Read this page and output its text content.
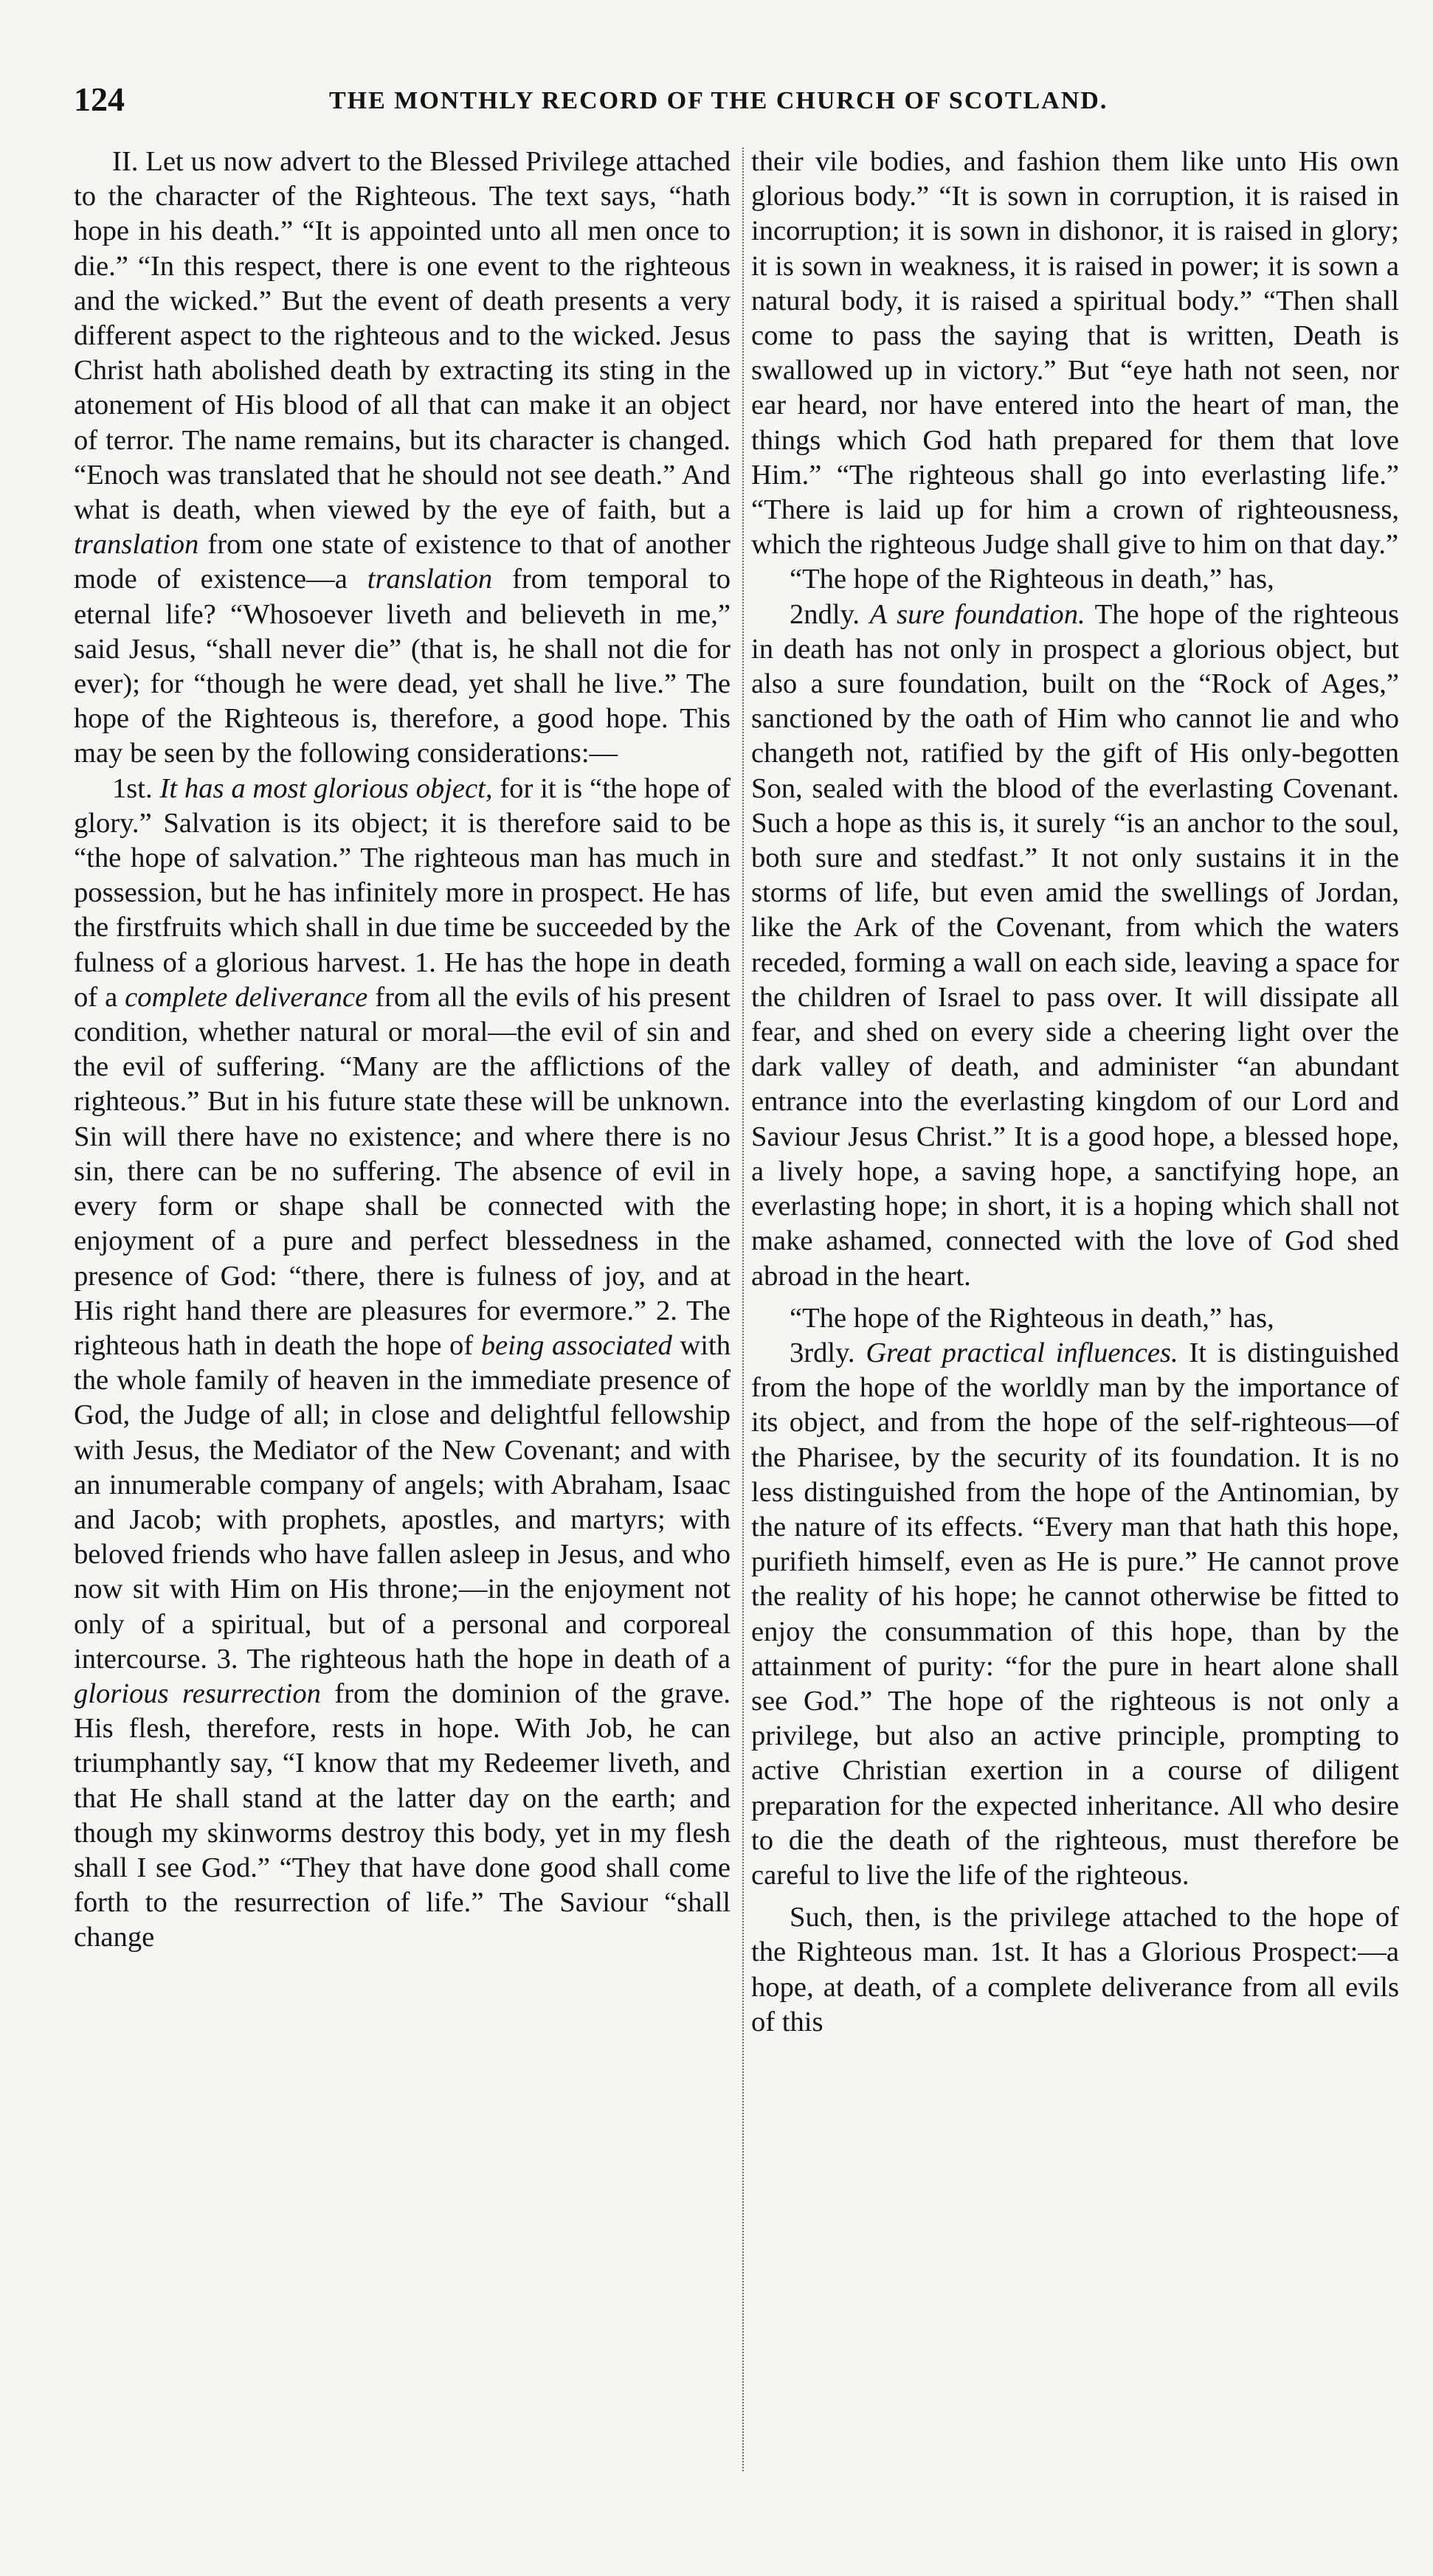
124	THE MONTHLY RECORD OF THE CHURCH OF SCOTLAND.

II. Let us now advert to the Blessed Privilege attached to the character of the Righteous. The text says, “hath hope in his death.” “It is appointed unto all men once to die.” “In this respect, there is one event to the righteous and the wicked.” But the event of death presents a very different aspect to the righteous and to the wicked. Jesus Christ hath abolished death by extracting its sting in the atonement of His blood of all that can make it an object of terror. The name remains, but its character is changed. “Enoch was translated that he should not see death.” And what is death, when viewed by the eye of faith, but a translation from one state of existence to that of another mode of existence—a translation from temporal to eternal life? “Whosoever liveth and believeth in me,” said Jesus, “shall never die” (that is, he shall not die for ever); for “though he were dead, yet shall he live.” The hope of the Righteous is, therefore, a good hope. This may be seen by the following considerations:—

1st. It has a most glorious object, for it is “the hope of glory.” Salvation is its object; it is therefore said to be “the hope of salvation.” The righteous man has much in possession, but he has infinitely more in prospect. He has the firstfruits which shall in due time be succeeded by the fulness of a glorious harvest. 1. He has the hope in death of a complete deliverance from all the evils of his present condition, whether natural or moral—the evil of sin and the evil of suffering. “Many are the afflictions of the righteous.” But in his future state these will be unknown. Sin will there have no existence; and where there is no sin, there can be no suffering. The absence of evil in every form or shape shall be connected with the enjoyment of a pure and perfect blessedness in the presence of God: “there, there is fulness of joy, and at His right hand there are pleasures for evermore.” 2. The righteous hath in death the hope of being associated with the whole family of heaven in the immediate presence of God, the Judge of all; in close and delightful fellowship with Jesus, the Mediator of the New Covenant; and with an innumerable company of angels; with Abraham, Isaac and Jacob; with prophets, apostles, and martyrs; with beloved friends who have fallen asleep in Jesus, and who now sit with Him on His throne;—in the enjoyment not only of a spiritual, but of a personal and corporeal intercourse. 3. The righteous hath the hope in death of a glorious resurrection from the dominion of the grave. His flesh, therefore, rests in hope. With Job, he can triumphantly say, “I know that my Redeemer liveth, and that He shall stand at the latter day on the earth; and though my skinworms destroy this body, yet in my flesh shall I see God.” “They that have done good shall come forth to the resurrection of life.” The Saviour “shall change

their vile bodies, and fashion them like unto His own glorious body.” “It is sown in corruption, it is raised in incorruption; it is sown in dishonor, it is raised in glory; it is sown in weakness, it is raised in power; it is sown a natural body, it is raised a spiritual body.” “Then shall come to pass the saying that is written, Death is swallowed up in victory.” But “eye hath not seen, nor ear heard, nor have entered into the heart of man, the things which God hath prepared for them that love Him.” “The righteous shall go into everlasting life.” “There is laid up for him a crown of righteousness, which the righteous Judge shall give to him on that day.”

“The hope of the Righteous in death,” has,

2ndly. A sure foundation. The hope of the righteous in death has not only in prospect a glorious object, but also a sure foundation, built on the “Rock of Ages,” sanctioned by the oath of Him who cannot lie and who changeth not, ratified by the gift of His only-begotten Son, sealed with the blood of the everlasting Covenant. Such a hope as this is, it surely “is an anchor to the soul, both sure and stedfast.” It not only sustains it in the storms of life, but even amid the swellings of Jordan, like the Ark of the Covenant, from which the waters receded, forming a wall on each side, leaving a space for the children of Israel to pass over. It will dissipate all fear, and shed on every side a cheering light over the dark valley of death, and administer “an abundant entrance into the everlasting kingdom of our Lord and Saviour Jesus Christ.” It is a good hope, a blessed hope, a lively hope, a saving hope, a sanctifying hope, an everlasting hope; in short, it is a hoping which shall not make ashamed, connected with the love of God shed abroad in the heart.

“The hope of the Righteous in death,” has,

3rdly. Great practical influences. It is distinguished from the hope of the worldly man by the importance of its object, and from the hope of the self-righteous—of the Pharisee, by the security of its foundation. It is no less distinguished from the hope of the Antinomian, by the nature of its effects. “Every man that hath this hope, purifieth himself, even as He is pure.” He cannot prove the reality of his hope; he cannot otherwise be fitted to enjoy the consummation of this hope, than by the attainment of purity: “for the pure in heart alone shall see God.” The hope of the righteous is not only a privilege, but also an active principle, prompting to active Christian exertion in a course of diligent preparation for the expected inheritance. All who desire to die the death of the righteous, must therefore be careful to live the life of the righteous.

Such, then, is the privilege attached to the hope of the Righteous man. 1st. It has a Glorious Prospect:—a hope, at death, of a complete deliverance from all evils of this
